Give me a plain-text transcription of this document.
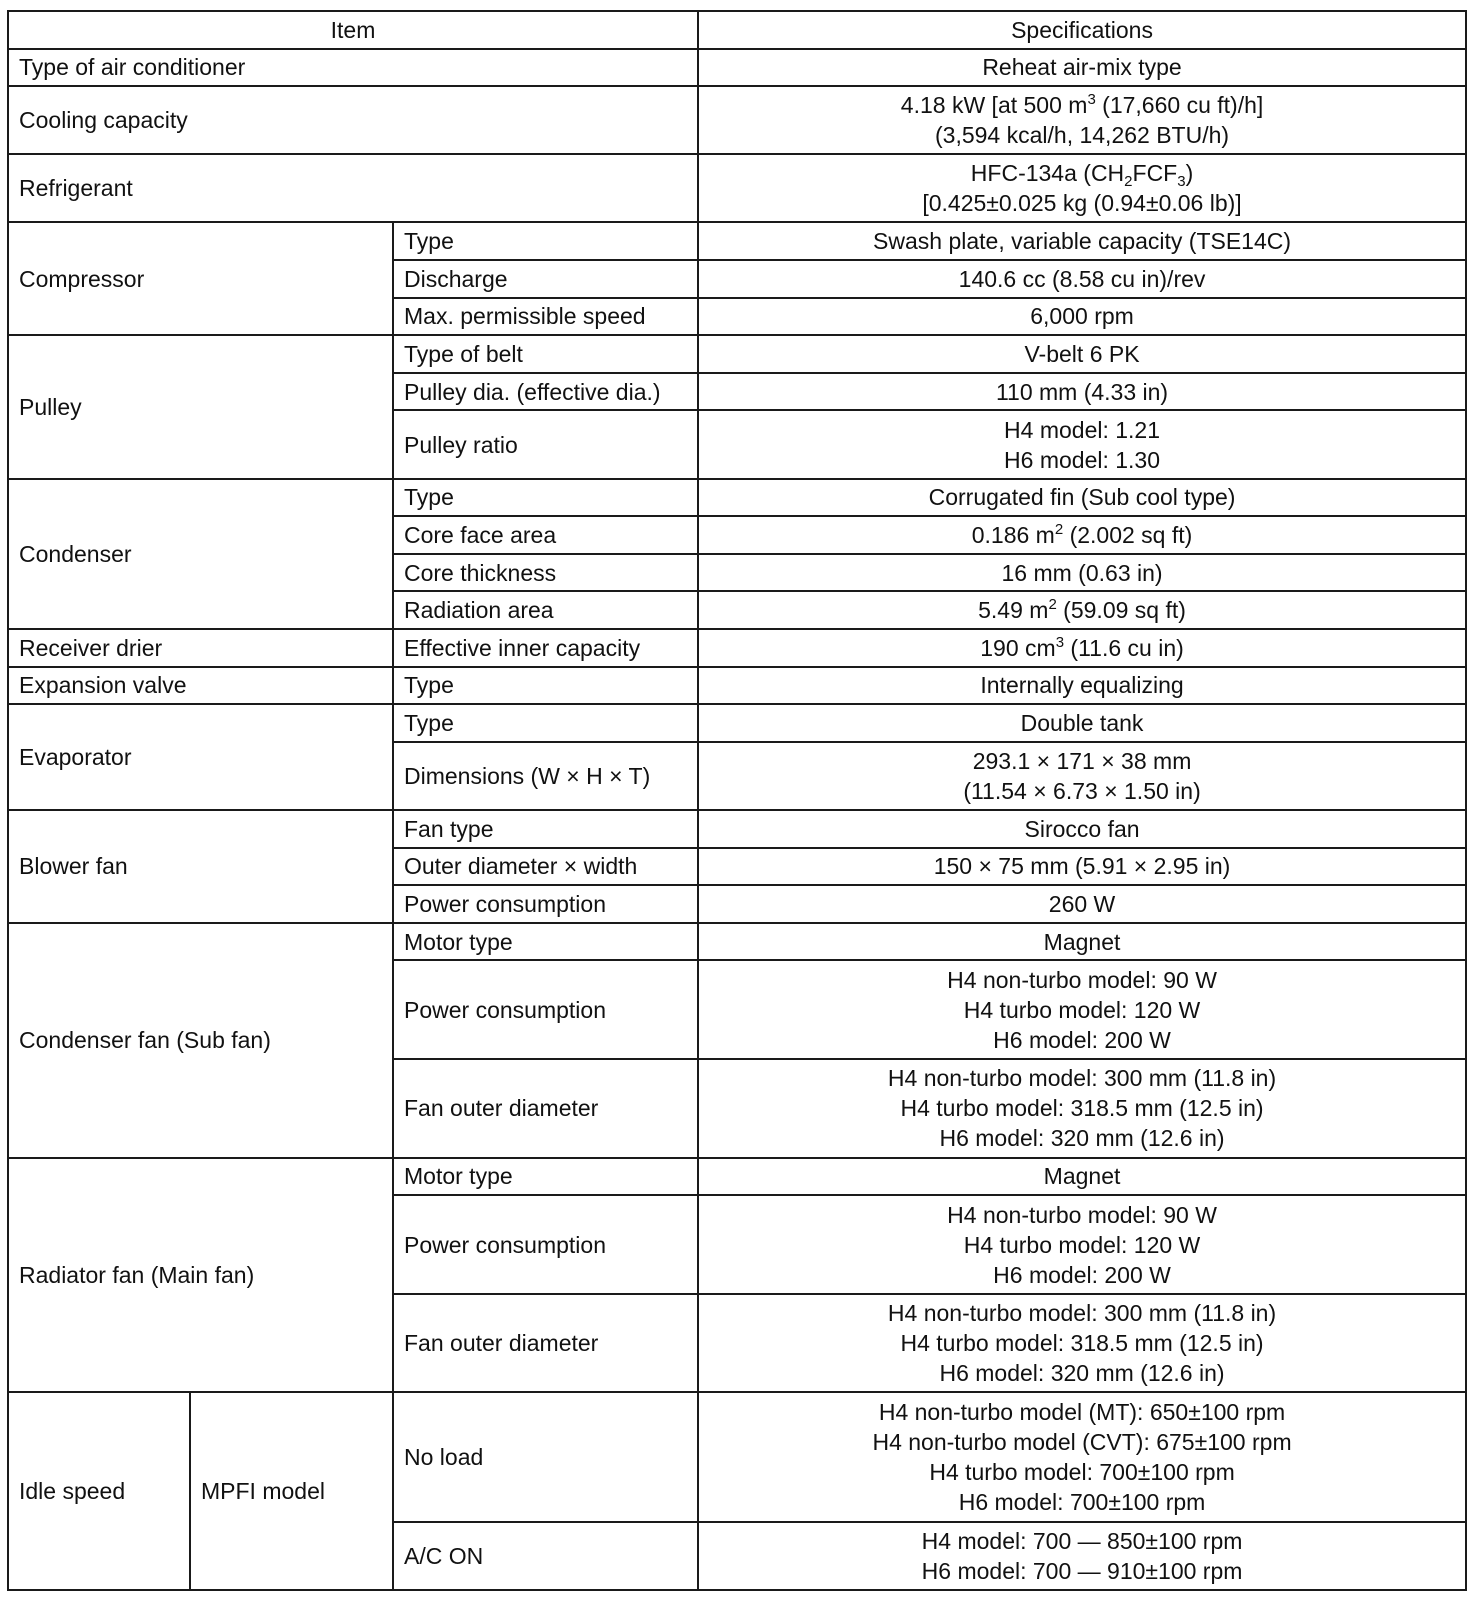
Item			Specifications
Type of air conditioner			Reheat air-mix type
Cooling capacity			4.18 kW [at 500 $m^3$ (17,660 cu ft)/h]
(3,594 kcal/h, 14,262 BTU/h)

Refrigerant			HFC-134a $(CH_2FCF_3)$
[0.425±0.025 kg (0.94±0.06 lb)]

Compressor		Type	Swash plate, variable capacity (TSE14C)
		Discharge	140.6 cc (8.58 cu in)/rev
		Max. permissible speed	6,000 rpm
Pulley		Type of belt	V-belt 6 PK
		Pulley dia. (effective dia.)	110 mm (4.33 in)
		Pulley ratio	H4 model: 1.21
H6 model: 1.30

Condenser		Type	Corrugated fin (Sub cool type)
		Core face area	0.186 $m^2$ (2.002 sq ft)
		Core thickness	16 mm (0.63 in)
		Radiation area	5.49 $m^2$ (59.09 sq ft)
Receiver drier		Effective inner capacity	190 $cm^3$ (11.6 cu in)
Expansion valve		Type	Internally equalizing
Evaporator		Type	Double tank
		Dimensions (W × H × T)	293.1 × 171 × 38 mm
(11.54 × 6.73 × 1.50 in)

Blower fan		Fan type	Sirocco fan
		Outer diameter × width	150 × 75 mm (5.91 × 2.95 in)
		Power consumption	260 W
Condenser fan (Sub fan)		Motor type	Magnet
		Power consumption	H4 non-turbo model: 90 W
H4 turbo model: 120 W
H6 model: 200 W

		Fan outer diameter	H4 non-turbo model: 300 mm (11.8 in)
H4 turbo model: 318.5 mm (12.5 in)
H6 model: 320 mm (12.6 in)

Radiator fan (Main fan)		Motor type	Magnet
		Power consumption	H4 non-turbo model: 90 W
H4 turbo model: 120 W
H6 model: 200 W

		Fan outer diameter	H4 non-turbo model: 300 mm (11.8 in)
H4 turbo model: 318.5 mm (12.5 in)
H6 model: 320 mm (12.6 in)

Idle speed	MPFI model	No load	H4 non-turbo model (MT): 650±100 rpm
H4 non-turbo model (CVT): 675±100 rpm
H4 turbo model: 700±100 rpm
H6 model: 700±100 rpm

		A/C ON	H4 model: 700 — 850±100 rpm
H6 model: 700 — 910±100 rpm
